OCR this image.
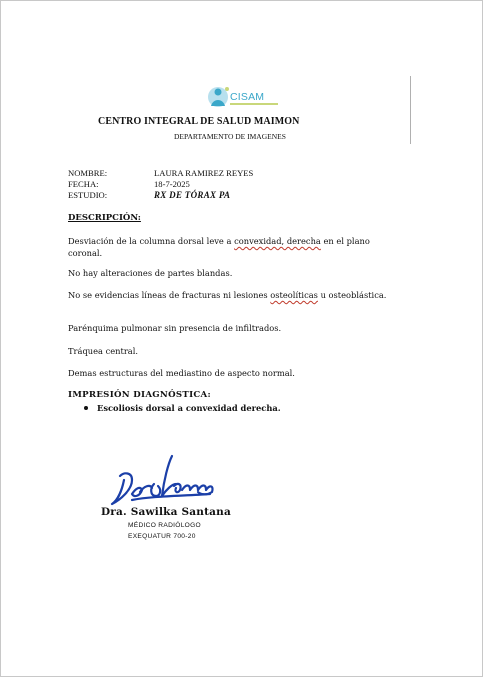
CISAM
CENTRO INTEGRAL DE SALUD MAIMON
DEPARTAMENTO DE IMAGENES
NOMBRE:	LAURA RAMIREZ REYES
FECHA:	18-7-2025
ESTUDIO:	RX DE TÓRAX PA
DESCRIPCIÓN:
Desviación de la columna dorsal leve a convexidad, derecha en el plano coronal.
No hay alteraciones de partes blandas.
No se evidencias líneas de fracturas ni lesiones osteolíticas u osteoblástica.
Parénquima pulmonar sin presencia de infiltrados.
Tráquea central.
Demas estructuras del mediastino de aspecto normal.
IMPRESIÓN DIAGNÓSTICA:
Escoliosis dorsal a convexidad derecha.
Dra. Sawilka Santana
MÉDICO RADIÓLOGO
EXEQUATUR 700-20
